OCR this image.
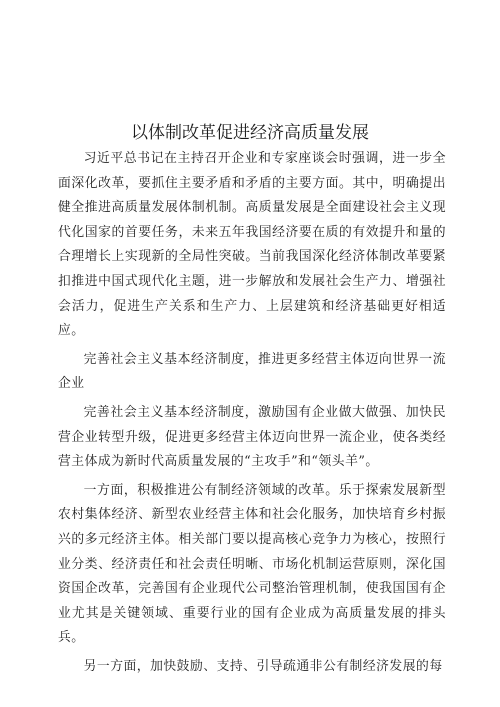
以体制改革促进经济高质量发展

习近平总书记在主持召开企业和专家座谈会时强调，进一步全面深化改革，要抓住主要矛盾和矛盾的主要方面。其中，明确提出健全推进高质量发展体制机制。高质量发展是全面建设社会主义现代化国家的首要任务，未来五年我国经济要在质的有效提升和量的合理增长上实现新的全局性突破。当前我国深化经济体制改革要紧扣推进中国式现代化主题，进一步解放和发展社会生产力、增强社会活力，促进生产关系和生产力、上层建筑和经济基础更好相适应。

完善社会主义基本经济制度，推进更多经营主体迈向世界一流企业

完善社会主义基本经济制度，激励国有企业做大做强、加快民营企业转型升级，促进更多经营主体迈向世界一流企业，使各类经营主体成为新时代高质量发展的“主攻手”和“领头羊”。

一方面，积极推进公有制经济领域的改革。乐于探索发展新型农村集体经济、新型农业经营主体和社会化服务，加快培育乡村振兴的多元经济主体。相关部门要以提高核心竞争力为核心，按照行业分类、经济责任和社会责任明晰、市场化机制运营原则，深化国资国企改革，完善国有企业现代公司整治管理机制，使我国国有企业尤其是关键领域、重要行业的国有企业成为高质量发展的排头兵。

另一方面，加快鼓励、支持、引导疏通非公有制经济发展的每
